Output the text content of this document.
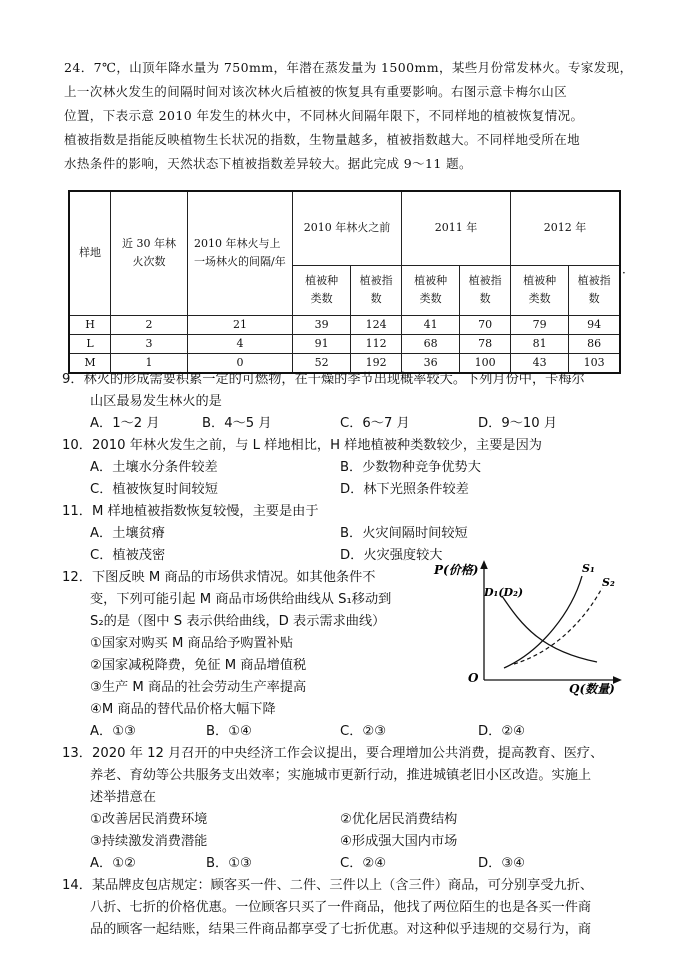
24．7℃，山顶年降水量为 750mm，年潜在蒸发量为 1500mm，某些月份常发林火。专家发现，

上一次林火发生的间隔时间对该次林火后植被的恢复具有重要影响。右图示意卡梅尔山区

位置，下表示意 2010 年发生的林火中，不同林火间隔年限下，不同样地的植被恢复情况。

植被指数是指能反映植物生长状况的指数，生物量越多，植被指数越大。不同样地受所在地

水热条件的影响，天然状态下植被指数差异较大。据此完成 9～11 题。

样地	近 30 年林火次数	2010 年林火与上一场林火的间隔/年	2010 年林火之前		2011 年		2012 年	
			植被种类数	植被指数	植被种类数	植被指数	植被种类数	植被指数
H	2	21	39	124	41	70	79	94
L	3	4	91	112	68	78	81	86
M	1	0	52	192	36	100	43	103
·
9．林火的形成需要积累一定的可燃物，在干燥的季节出现概率较大。下列月份中，卡梅尔
山区最易发生林火的是
A．1～2 月	B．4～5 月	C．6～7 月	D．9～10 月
10．2010 年林火发生之前，与 L 样地相比，H 样地植被种类数较少，主要是因为
A．土壤水分条件较差	B．少数物种竞争优势大
C．植被恢复时间较短	D．林下光照条件较差
11．M 样地植被指数恢复较慢，主要是由于
A．土壤贫瘠	B．火灾间隔时间较短
C．植被茂密	D．火灾强度较大
12．下图反映 M 商品的市场供求情况。如其他条件不
变，下列可能引起 M 商品市场供给曲线从 S₁移动到
S₂的是（图中 S 表示供给曲线，D 表示需求曲线）
①国家对购买 M 商品给予购置补贴
②国家减税降费，免征 M 商品增值税
③生产 M 商品的社会劳动生产率提高
④M 商品的替代品价格大幅下降
A．①③	B．①④	C．②③	D．②④
P(价格)
Q(数量)
O
D₁(D₂)
S₁
S₂
13．2020 年 12 月召开的中央经济工作会议提出，要合理增加公共消费，提高教育、医疗、
养老、育幼等公共服务支出效率；实施城市更新行动，推进城镇老旧小区改造。实施上
述举措意在
①改善居民消费环境	②优化居民消费结构
③持续激发消费潜能	④形成强大国内市场
A．①②	B．①③	C．②④	D．③④
14．某品牌皮包店规定：顾客买一件、二件、三件以上（含三件）商品，可分别享受九折、
八折、七折的价格优惠。一位顾客只买了一件商品，他找了两位陌生的也是各买一件商
品的顾客一起结账，结果三件商品都享受了七折优惠。对这种似乎违规的交易行为，商
